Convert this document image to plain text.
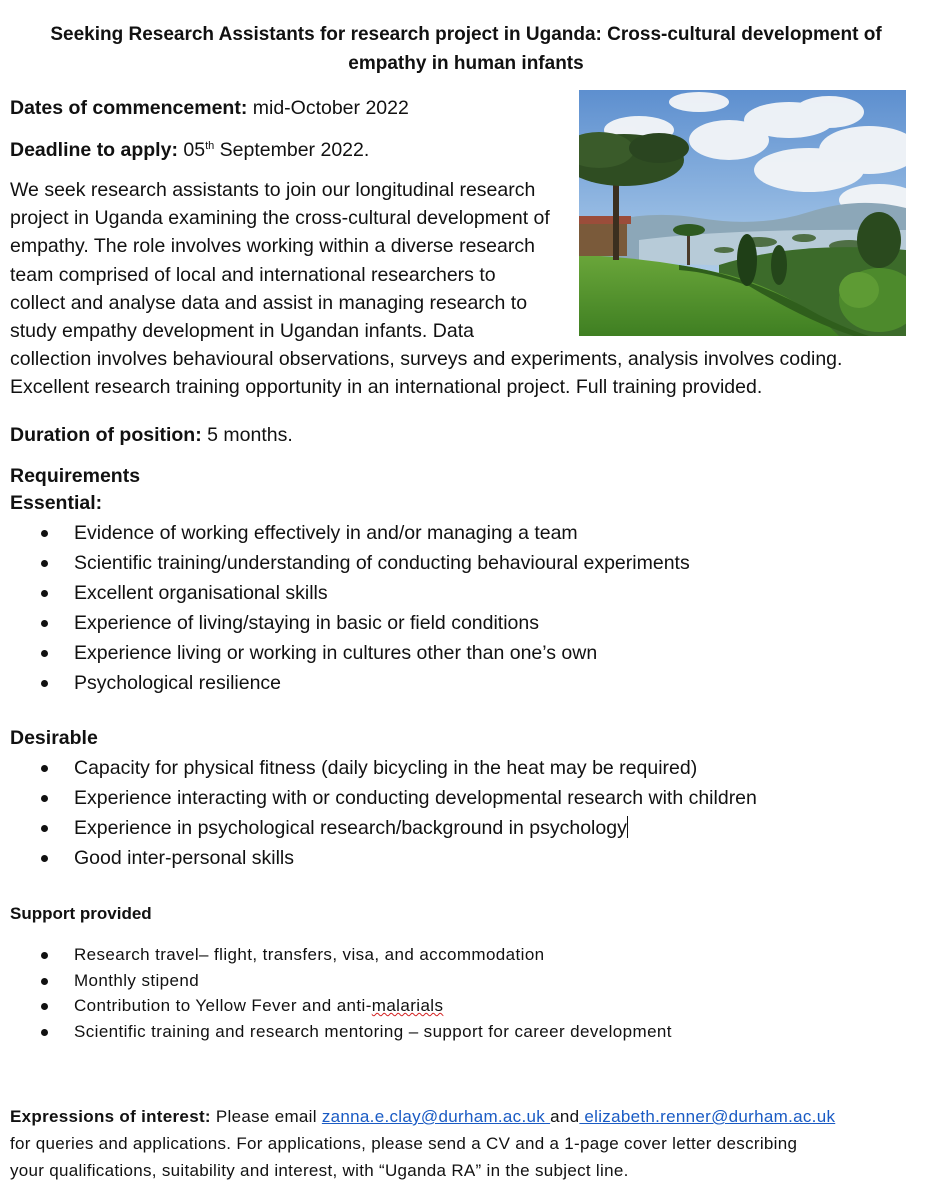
Seeking Research Assistants for research project in Uganda: Cross-cultural development of
empathy in human infants
Dates of commencement: mid-October 2022
Deadline to apply: 05th September 2022.
We seek research assistants to join our longitudinal research
project in Uganda examining the cross-cultural development of
empathy. The role involves working within a diverse research
team comprised of local and international researchers to
collect and analyse data and assist in managing research to
study empathy development in Ugandan infants. Data
collection involves behavioural observations, surveys and experiments, analysis involves coding.
Excellent research training opportunity in an international project. Full training provided.
Duration of position: 5 months.
Requirements
Essential:
Evidence of working effectively in and/or managing a team
Scientific training/understanding of conducting behavioural experiments
Excellent organisational skills
Experience of living/staying in basic or field conditions
Experience living or working in cultures other than one’s own
Psychological resilience
Desirable
Capacity for physical fitness (daily bicycling in the heat may be required)
Experience interacting with or conducting developmental research with children
Experience in psychological research/background in psychology
Good inter-personal skills
Support provided
Research travel– flight, transfers, visa, and accommodation
Monthly stipend
Contribution to Yellow Fever and anti-malarials
Scientific training and research mentoring – support for career development
Expressions of interest: Please email zanna.e.clay@durham.ac.uk and elizabeth.renner@durham.ac.uk
for queries and applications. For applications, please send a CV and a 1-page cover letter describing
your qualifications, suitability and interest, with “Uganda RA” in the subject line.
